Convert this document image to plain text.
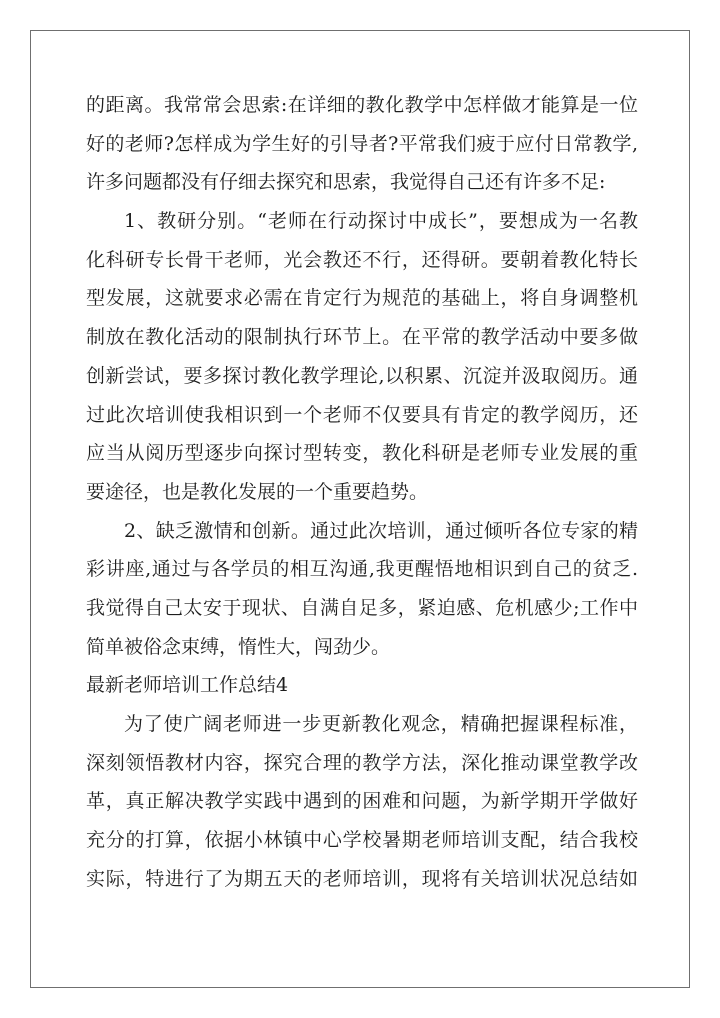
的距离。我常常会思索:在详细的教化教学中怎样做才能算是一位
好的老师?怎样成为学生好的引导者?平常我们疲于应付日常教学,
许多问题都没有仔细去探究和思索，我觉得自己还有许多不足:
1、教研分别。“老师在行动探讨中成长”，要想成为一名教
化科研专长骨干老师，光会教还不行，还得研。要朝着教化特长
型发展，这就要求必需在肯定行为规范的基础上，将自身调整机
制放在教化活动的限制执行环节上。在平常的教学活动中要多做
创新尝试，要多探讨教化教学理论,以积累、沉淀并汲取阅历。通
过此次培训使我相识到一个老师不仅要具有肯定的教学阅历，还
应当从阅历型逐步向探讨型转变，教化科研是老师专业发展的重
要途径，也是教化发展的一个重要趋势。
2、缺乏激情和创新。通过此次培训，通过倾听各位专家的精
彩讲座,通过与各学员的相互沟通,我更醒悟地相识到自己的贫乏.
我觉得自己太安于现状、自满自足多，紧迫感、危机感少;工作中
简单被俗念束缚，惰性大，闯劲少。
最新老师培训工作总结4
为了使广阔老师进一步更新教化观念，精确把握课程标准，
深刻领悟教材内容，探究合理的教学方法，深化推动课堂教学改
革，真正解决教学实践中遇到的困难和问题，为新学期开学做好
充分的打算，依据小林镇中心学校暑期老师培训支配，结合我校
实际，特进行了为期五天的老师培训，现将有关培训状况总结如
